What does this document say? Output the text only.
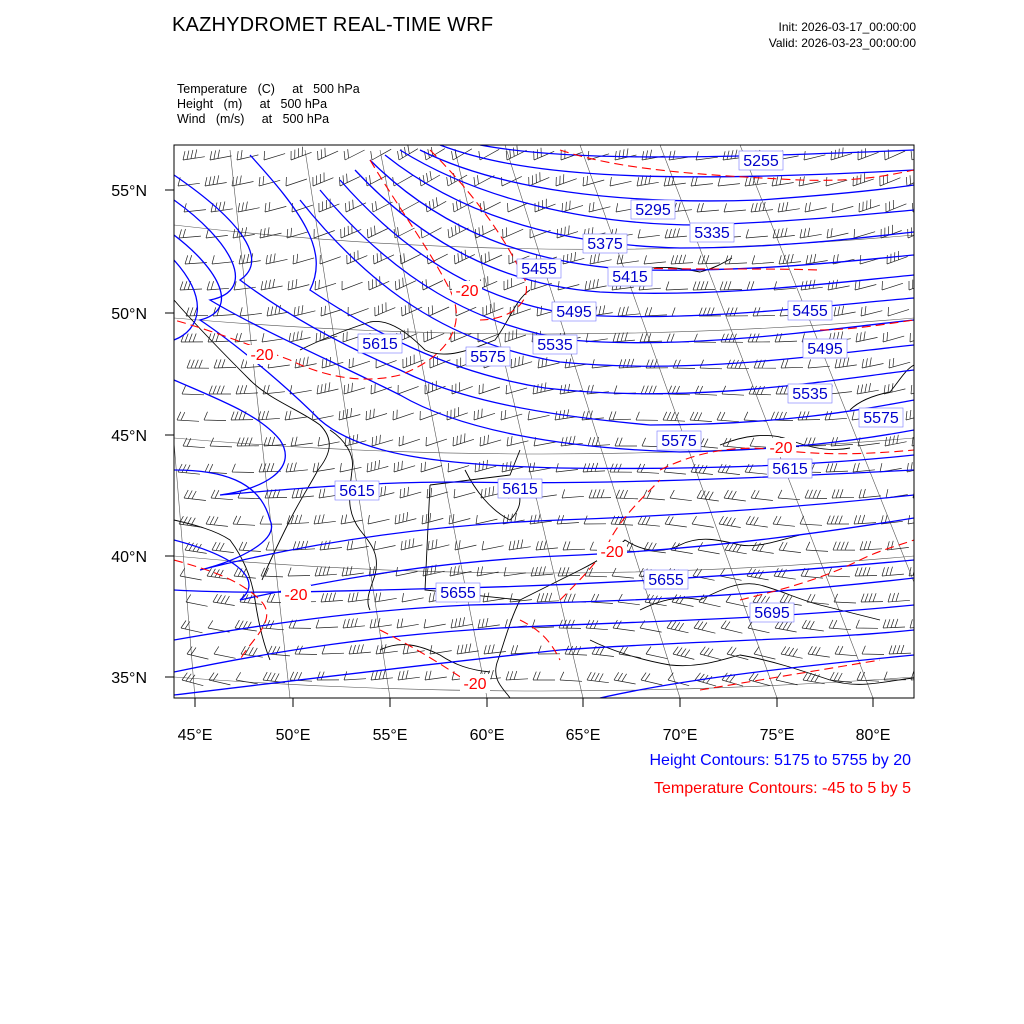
KAZHYDROMET REAL-TIME WRF	Init: 2026-03-17_00:00:00
Valid: 2026-03-23_00:00:00
Temperature   (C)     at   500 hPa
Height   (m)     at   500 hPa
Wind   (m/s)     at   500 hPa
5255
5295
5335
5375
5415
5455
5495
5535
5575
5615
5455
5495
5535
5575
5575
5615
5615
5615
5655
5655
5695
-20
-20
-20
-20
-20
-20
45°E	50°E	55°E	60°E	65°E	70°E	75°E	80°E
55°N
50°N
45°N
40°N
35°N
Height Contours: 5175 to 5755 by 20
Temperature Contours: -45 to 5 by 5
